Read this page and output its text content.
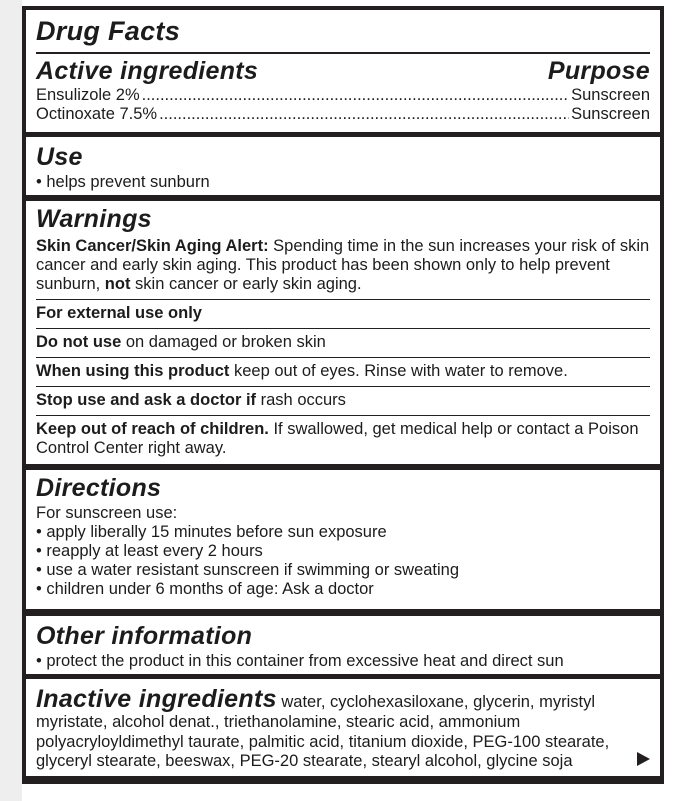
Drug Facts
Active ingredients	Purpose
Ensulizole 2% .....	Sunscreen
Octinoxate 7.5% .....	Sunscreen
Use
• helps prevent sunburn
Warnings
Skin Cancer/Skin Aging Alert: Spending time in the sun increases your risk of skin cancer and early skin aging. This product has been shown only to help prevent sunburn, not skin cancer or early skin aging.
For external use only
Do not use on damaged or broken skin
When using this product keep out of eyes. Rinse with water to remove.
Stop use and ask a doctor if rash occurs
Keep out of reach of children. If swallowed, get medical help or contact a Poison Control Center right away.
Directions
For sunscreen use:
• apply liberally 15 minutes before sun exposure
• reapply at least every 2 hours
• use a water resistant sunscreen if swimming or sweating
• children under 6 months of age: Ask a doctor
Other information
• protect the product in this container from excessive heat and direct sun
Inactive ingredients water, cyclohexasiloxane, glycerin, myristyl myristate, alcohol denat., triethanolamine, stearic acid, ammonium polyacryloyldimethyl taurate, palmitic acid, titanium dioxide, PEG-100 stearate, glyceryl stearate, beeswax, PEG-20 stearate, stearyl alcohol, glycine soja
